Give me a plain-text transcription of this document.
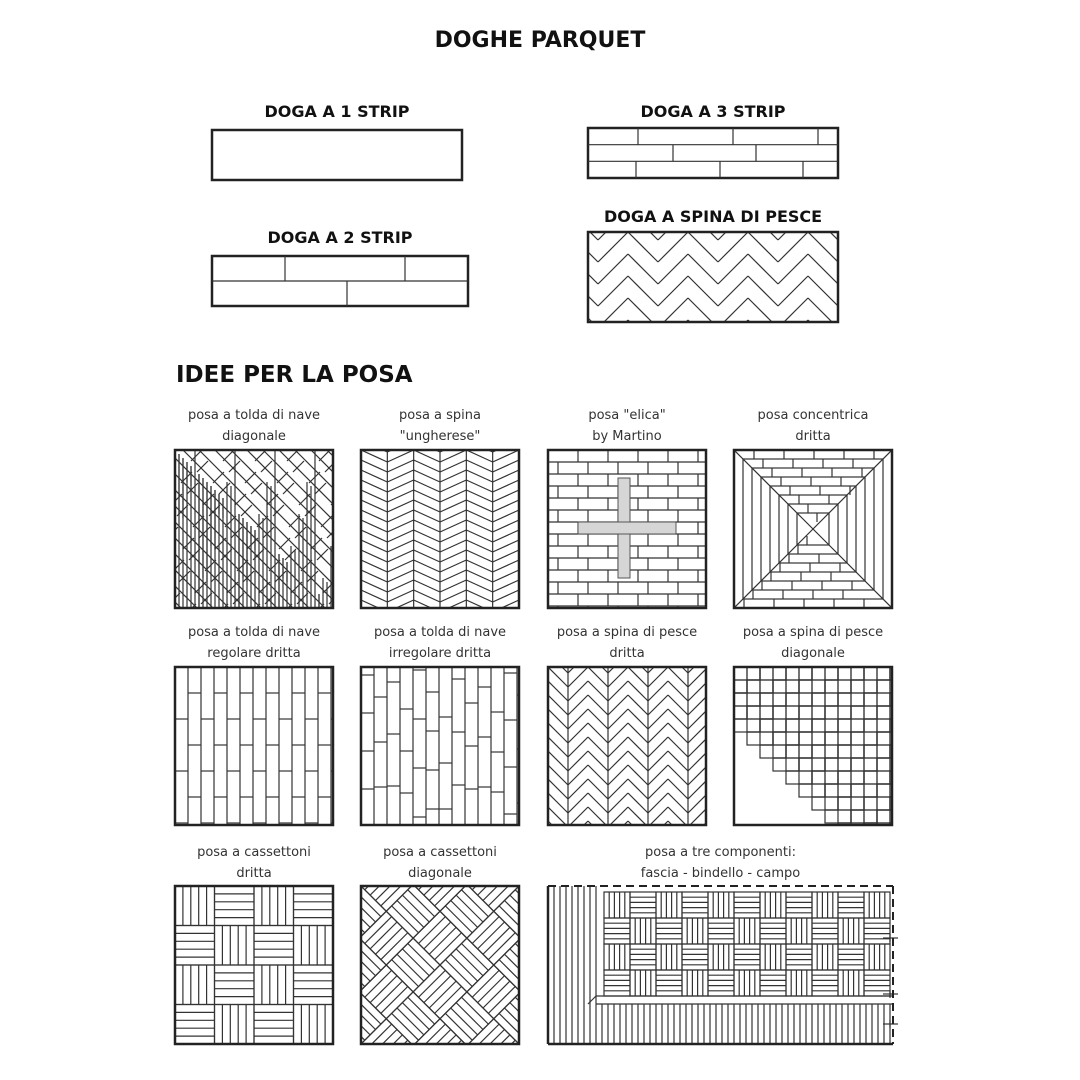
DOGHE PARQUET
DOGA A 1 STRIP	DOGA A 3 STRIP
DOGA A 2 STRIP
DOGA A SPINA DI PESCE
IDEE PER LA POSA
posa a tolda di nave
diagonale
posa a spina
"ungherese"
posa "elica"
by Martino
posa concentrica
dritta
posa a tolda di nave
regolare dritta
posa a tolda di nave
irregolare dritta
posa a spina di pesce
dritta
posa a spina di pesce
diagonale
posa a cassettoni
dritta
posa a cassettoni
diagonale
posa a tre componenti:
fascia - bindello - campo
